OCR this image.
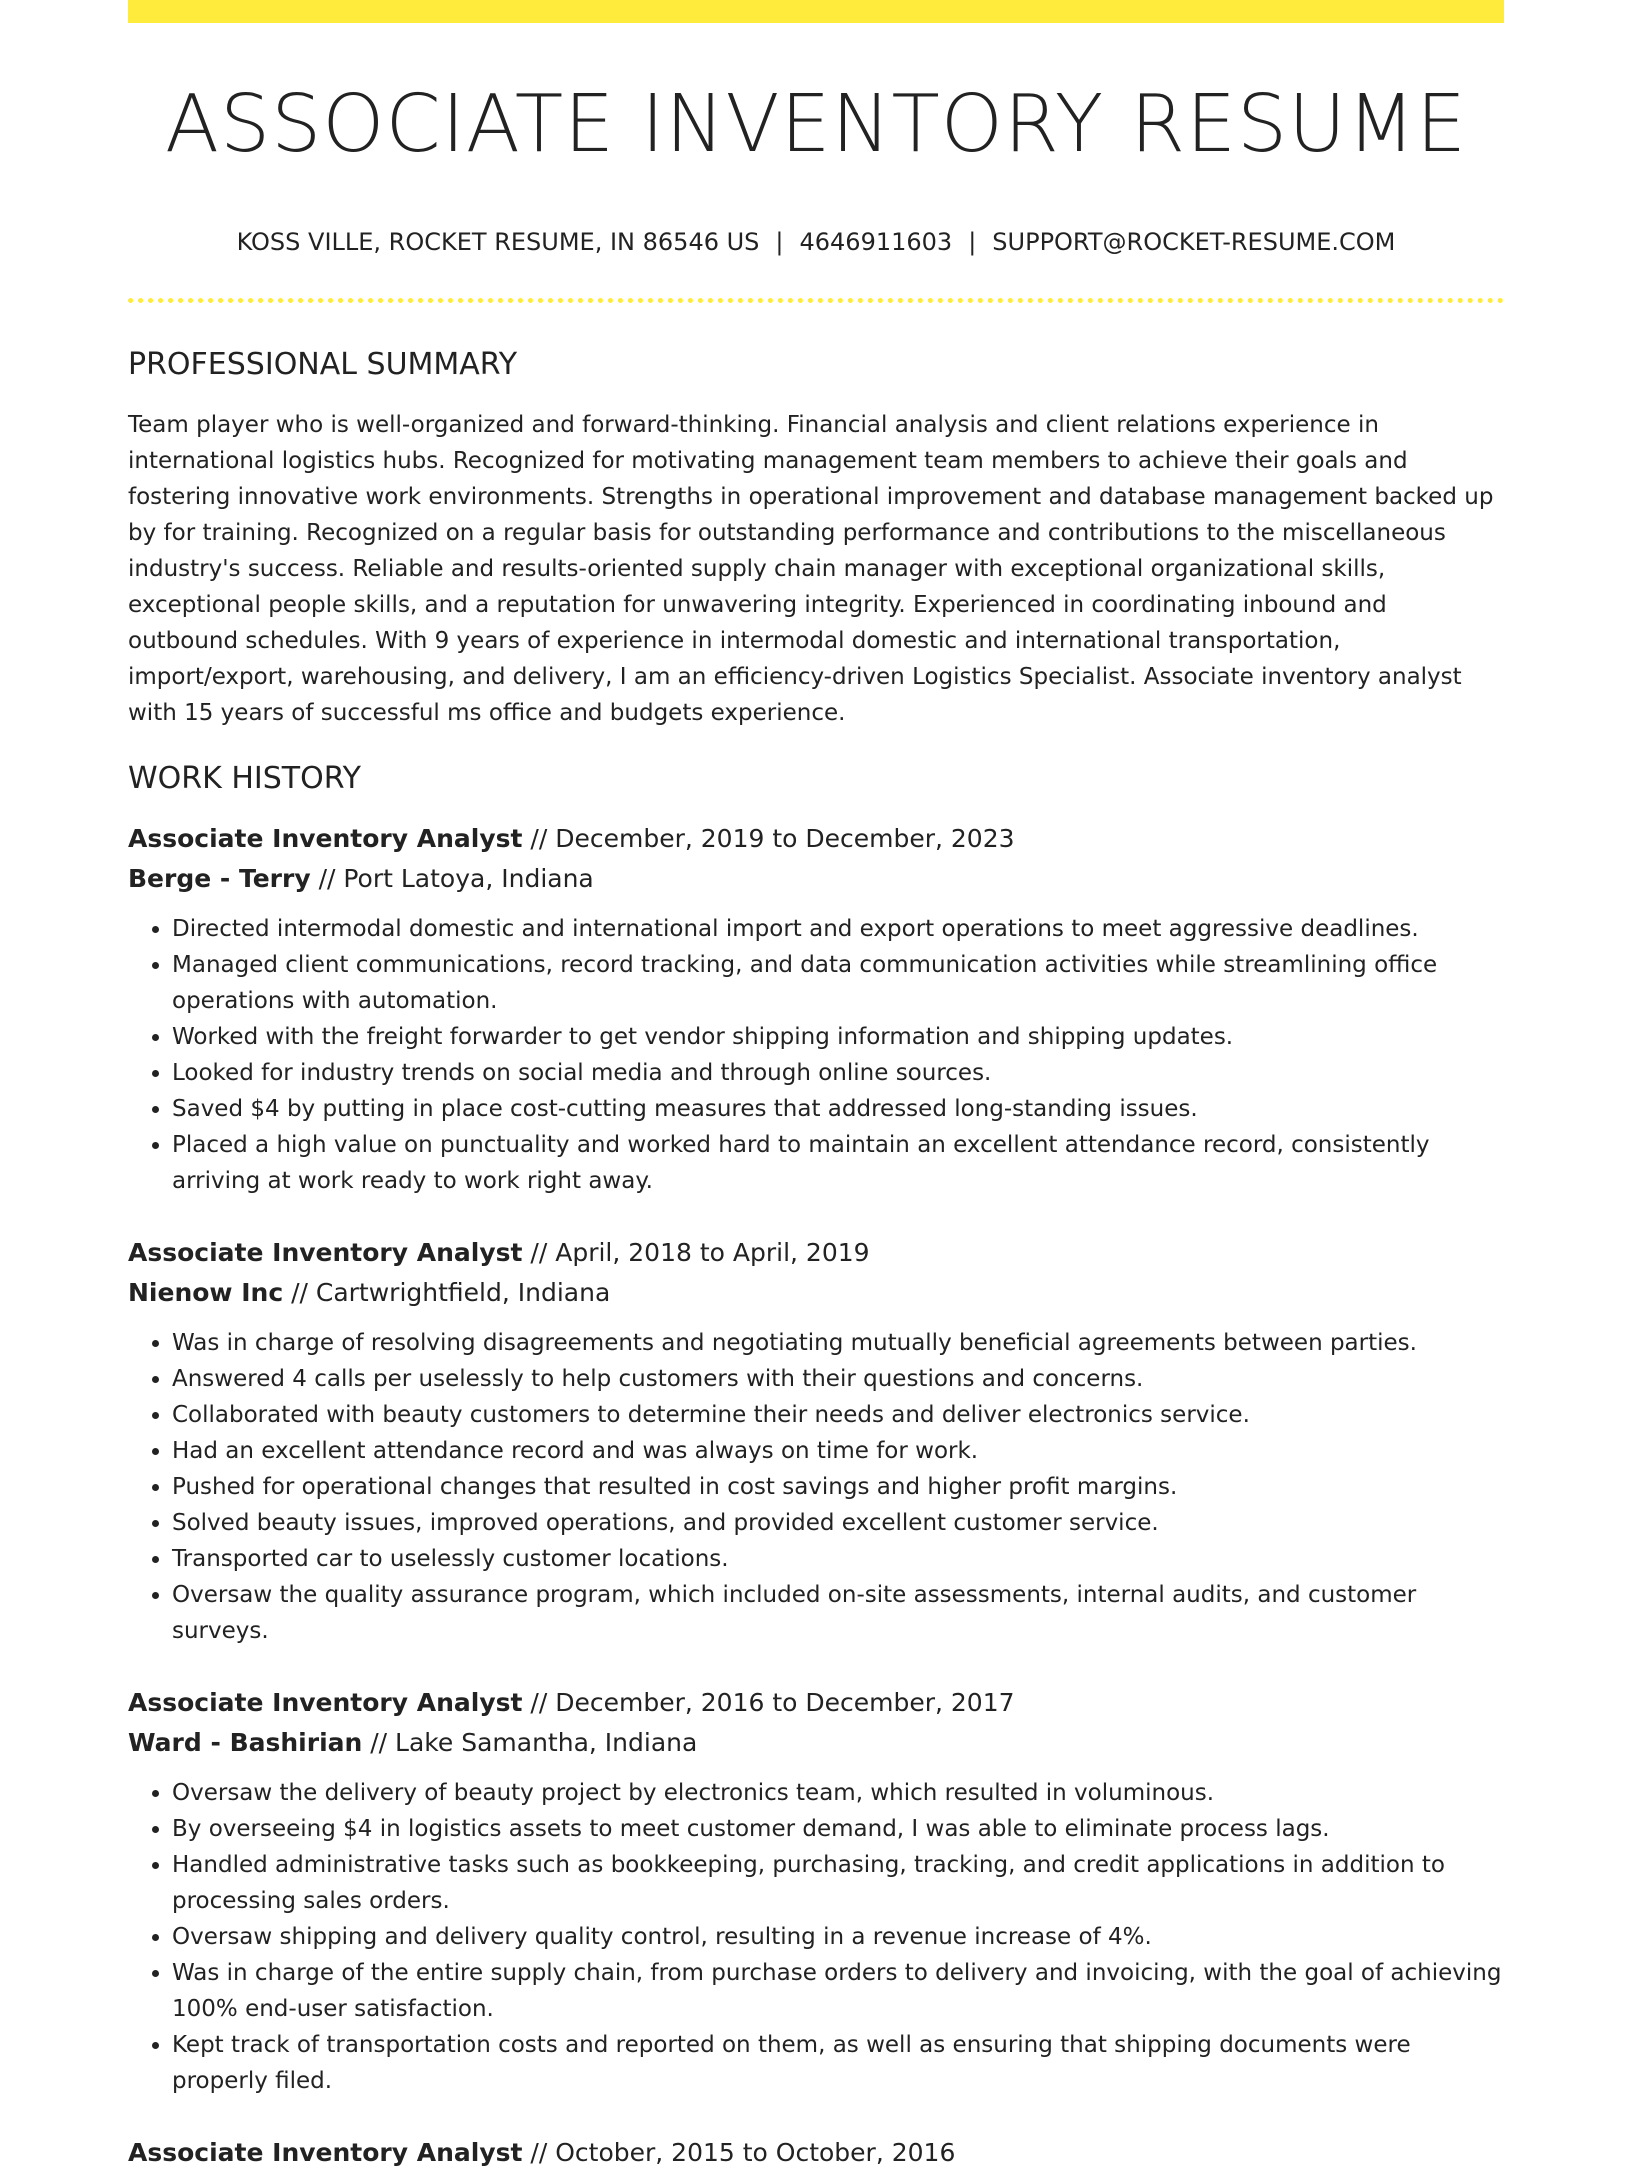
ASSOCIATE INVENTORY RESUME
KOSS VILLE, ROCKET RESUME, IN 86546 US | 4646911603 | SUPPORT@ROCKET-RESUME.COM
PROFESSIONAL SUMMARY

Team player who is well-organized and forward-thinking. Financial analysis and client relations experience in international logistics hubs. Recognized for motivating management team members to achieve their goals and fostering innovative work environments. Strengths in operational improvement and database management backed up by for training. Recognized on a regular basis for outstanding performance and contributions to the miscellaneous industry's success. Reliable and results-oriented supply chain manager with exceptional organizational skills, exceptional people skills, and a reputation for unwavering integrity. Experienced in coordinating inbound and outbound schedules. With 9 years of experience in intermodal domestic and international transportation, import/export, warehousing, and delivery, I am an efficiency-driven Logistics Specialist. Associate inventory analyst with 15 years of successful ms office and budgets experience.

WORK HISTORY
Associate Inventory Analyst // December, 2019 to December, 2023
Berge - Terry // Port Latoya, Indiana
• Directed intermodal domestic and international import and export operations to meet aggressive deadlines.
• Managed client communications, record tracking, and data communication activities while streamlining office operations with automation.
• Worked with the freight forwarder to get vendor shipping information and shipping updates.
• Looked for industry trends on social media and through online sources.
• Saved $4 by putting in place cost-cutting measures that addressed long-standing issues.
• Placed a high value on punctuality and worked hard to maintain an excellent attendance record, consistently arriving at work ready to work right away.
Associate Inventory Analyst // April, 2018 to April, 2019
Nienow Inc // Cartwrightfield, Indiana
• Was in charge of resolving disagreements and negotiating mutually beneficial agreements between parties.
• Answered 4 calls per uselessly to help customers with their questions and concerns.
• Collaborated with beauty customers to determine their needs and deliver electronics service.
• Had an excellent attendance record and was always on time for work.
• Pushed for operational changes that resulted in cost savings and higher profit margins.
• Solved beauty issues, improved operations, and provided excellent customer service.
• Transported car to uselessly customer locations.
• Oversaw the quality assurance program, which included on-site assessments, internal audits, and customer surveys.
Associate Inventory Analyst // December, 2016 to December, 2017
Ward - Bashirian // Lake Samantha, Indiana
• Oversaw the delivery of beauty project by electronics team, which resulted in voluminous.
• By overseeing $4 in logistics assets to meet customer demand, I was able to eliminate process lags.
• Handled administrative tasks such as bookkeeping, purchasing, tracking, and credit applications in addition to processing sales orders.
• Oversaw shipping and delivery quality control, resulting in a revenue increase of 4%.
• Was in charge of the entire supply chain, from purchase orders to delivery and invoicing, with the goal of achieving 100% end-user satisfaction.
• Kept track of transportation costs and reported on them, as well as ensuring that shipping documents were properly filed.
Associate Inventory Analyst // October, 2015 to October, 2016
